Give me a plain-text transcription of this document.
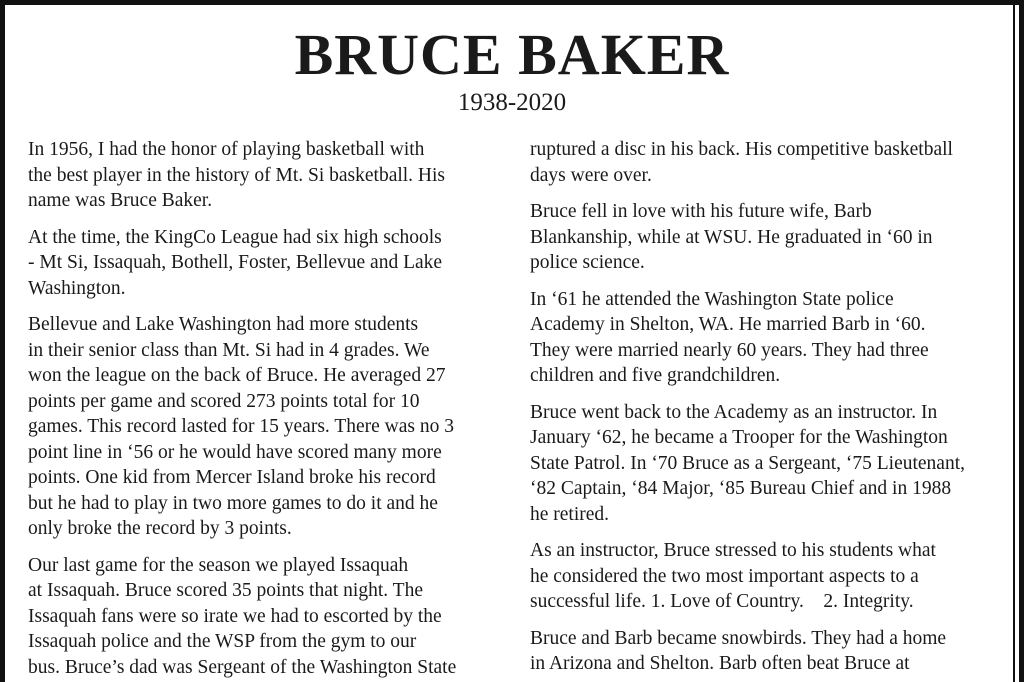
BRUCE BAKER
1938-2020

In 1956, I had the honor of playing basketball with
the best player in the history of Mt. Si basketball. His
name was Bruce Baker.

At the time, the KingCo League had six high schools
- Mt Si, Issaquah, Bothell, Foster, Bellevue and Lake
Washington.

Bellevue and Lake Washington had more students
in their senior class than Mt. Si had in 4 grades. We
won the league on the back of Bruce. He averaged 27
points per game and scored 273 points total for 10
games. This record lasted for 15 years. There was no 3
point line in ‘56 or he would have scored many more
points. One kid from Mercer Island broke his record
but he had to play in two more games to do it and he
only broke the record by 3 points.

Our last game for the season we played Issaquah
at Issaquah. Bruce scored 35 points that night. The
Issaquah fans were so irate we had to escorted by the
Issaquah police and the WSP from the gym to our
bus. Bruce’s dad was Sergeant of the Washington State

ruptured a disc in his back. His competitive basketball
days were over.

Bruce fell in love with his future wife, Barb
Blankanship, while at WSU. He graduated in ‘60 in
police science.

In ‘61 he attended the Washington State police
Academy in Shelton, WA. He married Barb in ‘60.
They were married nearly 60 years. They had three
children and five grandchildren.

Bruce went back to the Academy as an instructor. In
January ‘62, he became a Trooper for the Washington
State Patrol. In ‘70 Bruce as a Sergeant, ‘75 Lieutenant,
‘82 Captain, ‘84 Major, ‘85 Bureau Chief and in 1988
he retired.

As an instructor, Bruce stressed to his students what
he considered the two most important aspects to a
successful life. 1. Love of Country.    2. Integrity.

Bruce and Barb became snowbirds. They had a home
in Arizona and Shelton. Barb often beat Bruce at
